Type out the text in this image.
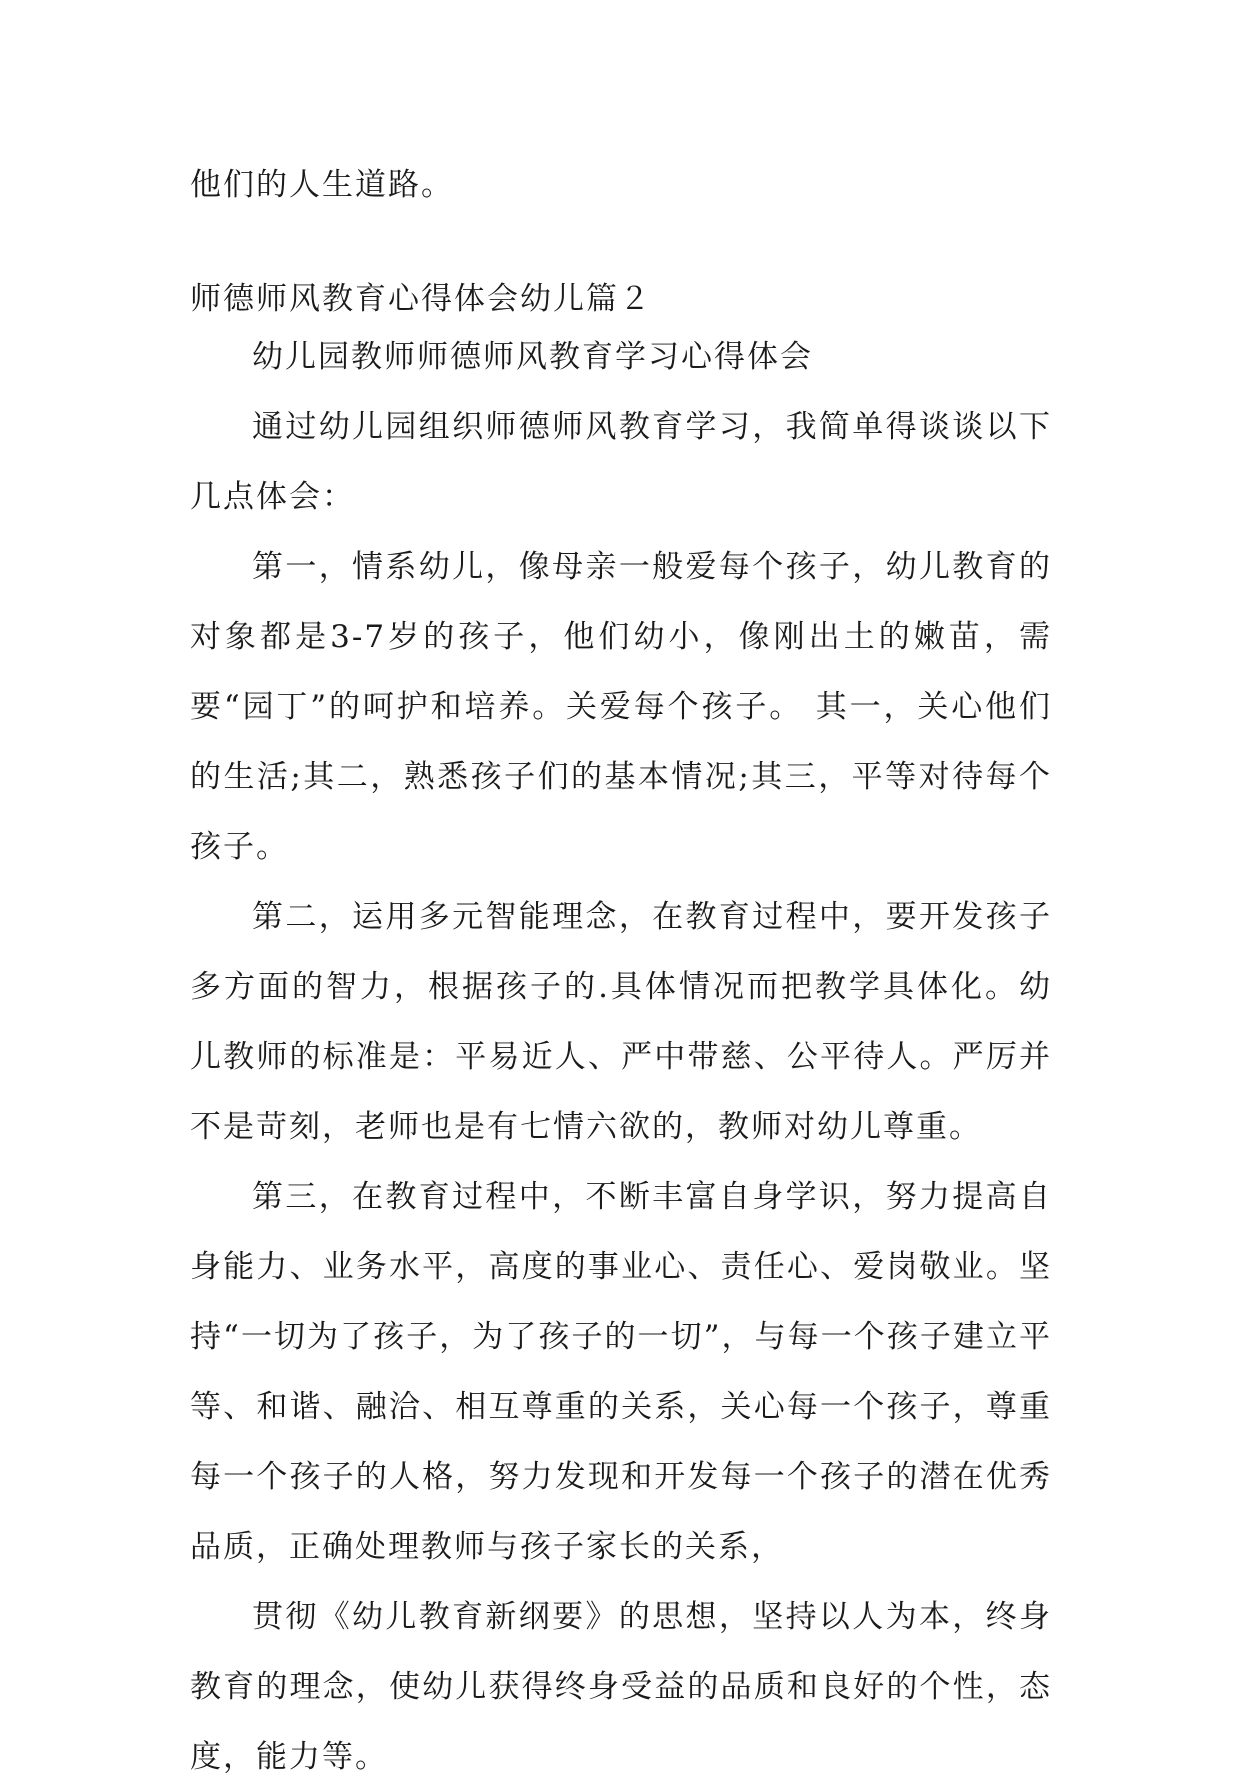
他们的人生道路。

师德师风教育心得体会幼儿篇２

幼儿园教师师德师风教育学习心得体会

通过幼儿园组织师德师风教育学习，我简单得谈谈以下几点体会：

第一，情系幼儿，像母亲一般爱每个孩子，幼儿教育的对象都是3-7岁的孩子，他们幼小，像刚出土的嫩苗，需要“园丁”的呵护和培养。关爱每个孩子。 其一，关心他们的生活;其二，熟悉孩子们的基本情况;其三，平等对待每个孩子。

第二，运用多元智能理念，在教育过程中，要开发孩子多方面的智力，根据孩子的.具体情况而把教学具体化。幼儿教师的标准是：平易近人、严中带慈、公平待人。严厉并不是苛刻，老师也是有七情六欲的，教师对幼儿尊重。

第三，在教育过程中，不断丰富自身学识，努力提高自身能力、业务水平，高度的事业心、责任心、爱岗敬业。坚持“一切为了孩子，为了孩子的一切”，与每一个孩子建立平等、和谐、融洽、相互尊重的关系，关心每一个孩子，尊重每一个孩子的人格，努力发现和开发每一个孩子的潜在优秀品质，正确处理教师与孩子家长的关系，

贯彻《幼儿教育新纲要》的思想，坚持以人为本，终身教育的理念，使幼儿获得终身受益的品质和良好的个性，态度，能力等。
